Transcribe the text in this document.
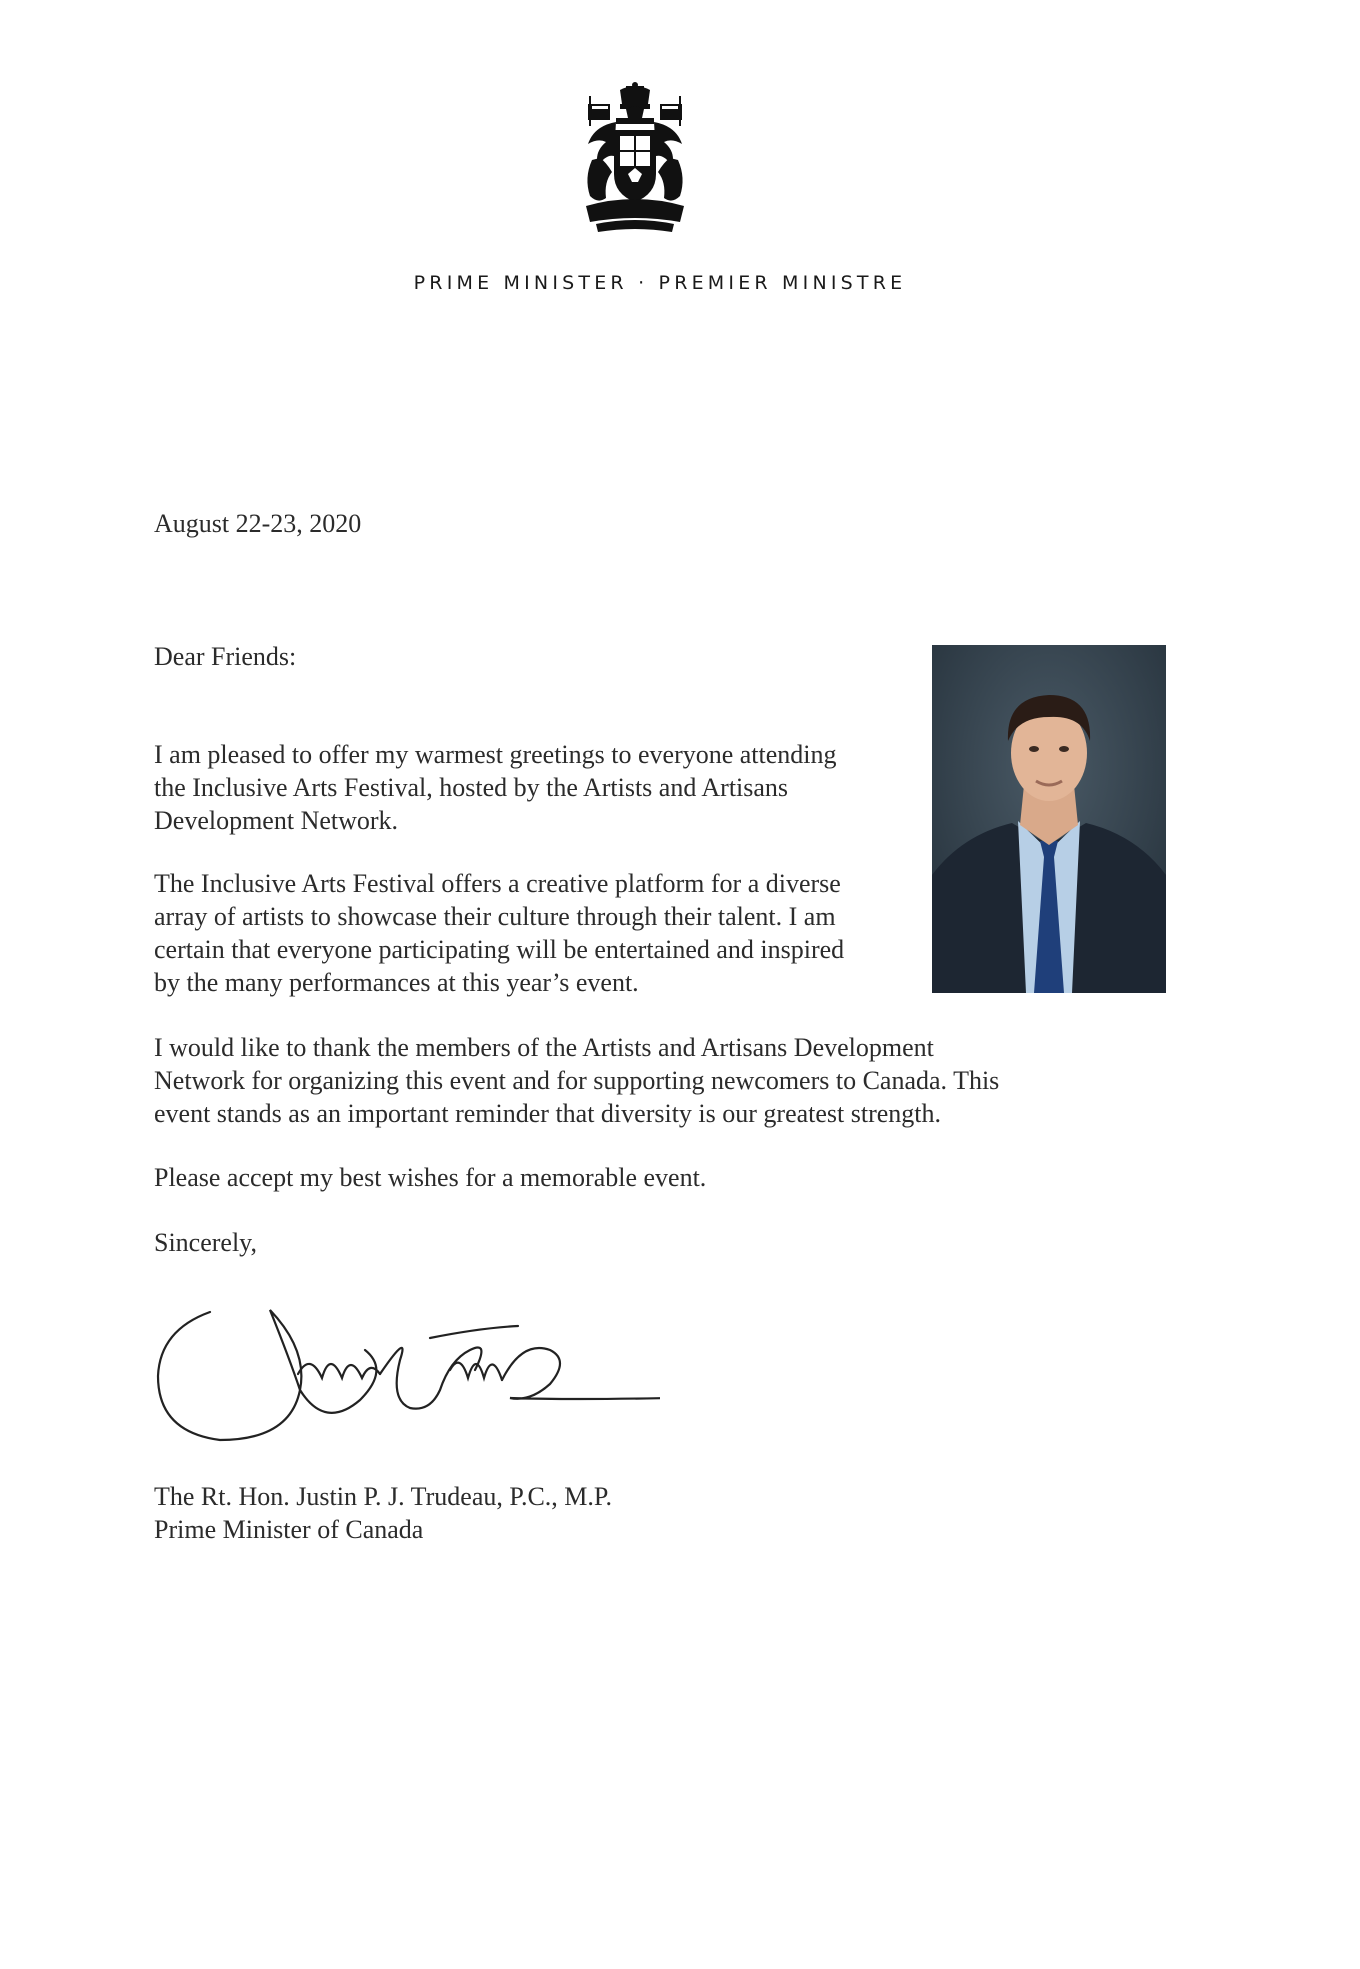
PRIME MINISTER · PREMIER MINISTRE
August 22-23, 2020
Dear Friends:
I am pleased to offer my warmest greetings to everyone attending
the Inclusive Arts Festival, hosted by the Artists and Artisans
Development Network.
The Inclusive Arts Festival offers a creative platform for a diverse
array of artists to showcase their culture through their talent. I am
certain that everyone participating will be entertained and inspired
by the many performances at this year’s event.
I would like to thank the members of the Artists and Artisans Development
Network for organizing this event and for supporting newcomers to Canada. This
event stands as an important reminder that diversity is our greatest strength.
Please accept my best wishes for a memorable event.
Sincerely,
The Rt. Hon. Justin P. J. Trudeau, P.C., M.P.
Prime Minister of Canada
